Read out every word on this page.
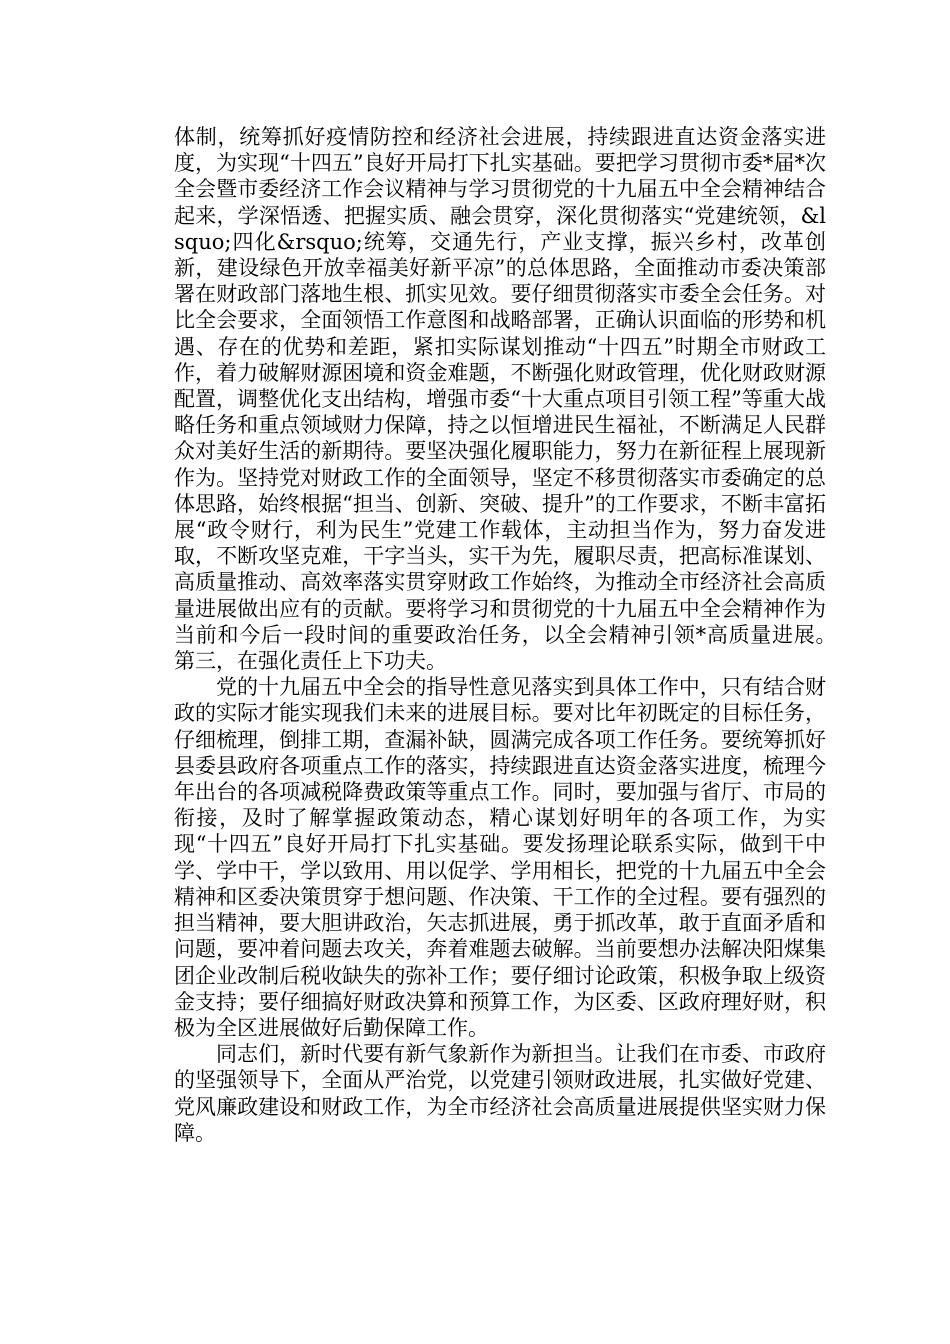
体制，统筹抓好疫情防控和经济社会进展，持续跟进直达资金落实进度，为实现“十四五”良好开局打下扎实基础。要把学习贯彻市委*届*次全会暨市委经济工作会议精神与学习贯彻党的十九届五中全会精神结合起来，学深悟透、把握实质、融会贯穿，深化贯彻落实“党建统领，&lsquo;四化&rsquo;统筹，交通先行，产业支撑，振兴乡村，改革创新，建设绿色开放幸福美好新平凉”的总体思路，全面推动市委决策部署在财政部门落地生根、抓实见效。要仔细贯彻落实市委全会任务。对比全会要求，全面领悟工作意图和战略部署，正确认识面临的形势和机遇、存在的优势和差距，紧扣实际谋划推动“十四五”时期全市财政工作，着力破解财源困境和资金难题，不断强化财政管理，优化财政财源配置，调整优化支出结构，增强市委“十大重点项目引领工程”等重大战略任务和重点领域财力保障，持之以恒增进民生福祉，不断满足人民群众对美好生活的新期待。要坚决强化履职能力，努力在新征程上展现新作为。坚持党对财政工作的全面领导，坚定不移贯彻落实市委确定的总体思路，始终根据“担当、创新、突破、提升”的工作要求，不断丰富拓展“政令财行，利为民生”党建工作载体，主动担当作为，努力奋发进取，不断攻坚克难，干字当头，实干为先，履职尽责，把高标准谋划、高质量推动、高效率落实贯穿财政工作始终，为推动全市经济社会高质量进展做出应有的贡献。要将学习和贯彻党的十九届五中全会精神作为当前和今后一段时间的重要政治任务，以全会精神引领*高质量进展。　　第三，在强化责任上下功夫。

党的十九届五中全会的指导性意见落实到具体工作中，只有结合财政的实际才能实现我们未来的进展目标。要对比年初既定的目标任务，仔细梳理，倒排工期，查漏补缺，圆满完成各项工作任务。要统筹抓好县委县政府各项重点工作的落实，持续跟进直达资金落实进度，梳理今年出台的各项减税降费政策等重点工作。同时，要加强与省厅、市局的衔接，及时了解掌握政策动态，精心谋划好明年的各项工作，为实现“十四五”良好开局打下扎实基础。要发扬理论联系实际，做到干中学、学中干，学以致用、用以促学、学用相长，把党的十九届五中全会精神和区委决策贯穿于想问题、作决策、干工作的全过程。要有强烈的担当精神，要大胆讲政治，矢志抓进展，勇于抓改革，敢于直面矛盾和问题，要冲着问题去攻关，奔着难题去破解。当前要想办法解决阳煤集团企业改制后税收缺失的弥补工作；要仔细讨论政策，积极争取上级资金支持；要仔细搞好财政决算和预算工作，为区委、区政府理好财，积极为全区进展做好后勤保障工作。

同志们，新时代要有新气象新作为新担当。让我们在市委、市政府的坚强领导下，全面从严治党，以党建引领财政进展，扎实做好党建、党风廉政建设和财政工作，为全市经济社会高质量进展提供坚实财力保障。
